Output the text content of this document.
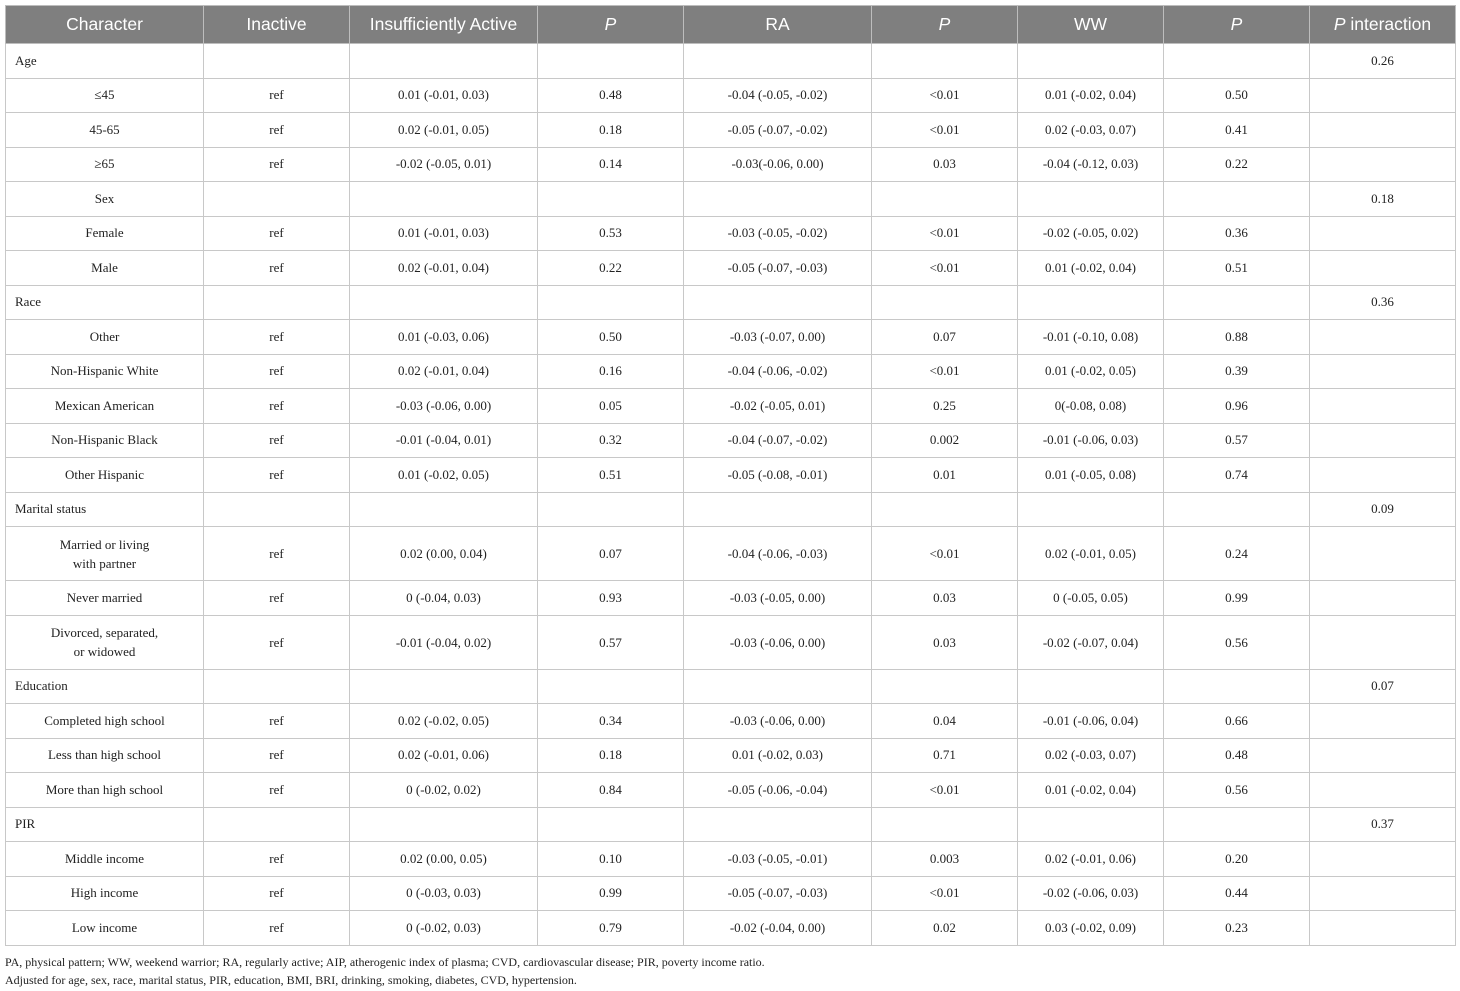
Character	Inactive	Insufficiently Active	P	RA	P	WW	P	P interaction
Age								0.26
≤45	ref	0.01 (-0.01, 0.03)	0.48	-0.04 (-0.05, -0.02)	<0.01	0.01 (-0.02, 0.04)	0.50	
45-65	ref	0.02 (-0.01, 0.05)	0.18	-0.05 (-0.07, -0.02)	<0.01	0.02 (-0.03, 0.07)	0.41	
≥65	ref	-0.02 (-0.05, 0.01)	0.14	-0.03(-0.06, 0.00)	0.03	-0.04 (-0.12, 0.03)	0.22	
Sex								0.18
Female	ref	0.01 (-0.01, 0.03)	0.53	-0.03 (-0.05, -0.02)	<0.01	-0.02 (-0.05, 0.02)	0.36	
Male	ref	0.02 (-0.01, 0.04)	0.22	-0.05 (-0.07, -0.03)	<0.01	0.01 (-0.02, 0.04)	0.51	
Race								0.36
Other	ref	0.01 (-0.03, 0.06)	0.50	-0.03 (-0.07, 0.00)	0.07	-0.01 (-0.10, 0.08)	0.88	
Non-Hispanic White	ref	0.02 (-0.01, 0.04)	0.16	-0.04 (-0.06, -0.02)	<0.01	0.01 (-0.02, 0.05)	0.39	
Mexican American	ref	-0.03 (-0.06, 0.00)	0.05	-0.02 (-0.05, 0.01)	0.25	0(-0.08, 0.08)	0.96	
Non-Hispanic Black	ref	-0.01 (-0.04, 0.01)	0.32	-0.04 (-0.07, -0.02)	0.002	-0.01 (-0.06, 0.03)	0.57	
Other Hispanic	ref	0.01 (-0.02, 0.05)	0.51	-0.05 (-0.08, -0.01)	0.01	0.01 (-0.05, 0.08)	0.74	
Marital status								0.09

Married or living
with partner	ref	0.02 (0.00, 0.04)	0.07	-0.04 (-0.06, -0.03)	<0.01	0.02 (-0.01, 0.05)	0.24	
Never married	ref	0 (-0.04, 0.03)	0.93	-0.03 (-0.05, 0.00)	0.03	0 (-0.05, 0.05)	0.99	

Divorced, separated,
or widowed	ref	-0.01 (-0.04, 0.02)	0.57	-0.03 (-0.06, 0.00)	0.03	-0.02 (-0.07, 0.04)	0.56	
Education								0.07
Completed high school	ref	0.02 (-0.02, 0.05)	0.34	-0.03 (-0.06, 0.00)	0.04	-0.01 (-0.06, 0.04)	0.66	
Less than high school	ref	0.02 (-0.01, 0.06)	0.18	0.01 (-0.02, 0.03)	0.71	0.02 (-0.03, 0.07)	0.48	
More than high school	ref	0 (-0.02, 0.02)	0.84	-0.05 (-0.06, -0.04)	<0.01	0.01 (-0.02, 0.04)	0.56	
PIR								0.37
Middle income	ref	0.02 (0.00, 0.05)	0.10	-0.03 (-0.05, -0.01)	0.003	0.02 (-0.01, 0.06)	0.20	
High income	ref	0 (-0.03, 0.03)	0.99	-0.05 (-0.07, -0.03)	<0.01	-0.02 (-0.06, 0.03)	0.44	
Low income	ref	0 (-0.02, 0.03)	0.79	-0.02 (-0.04, 0.00)	0.02	0.03 (-0.02, 0.09)	0.23	
PA, physical pattern; WW, weekend warrior; RA, regularly active; AIP, atherogenic index of plasma; CVD, cardiovascular disease; PIR, poverty income ratio.
Adjusted for age, sex, race, marital status, PIR, education, BMI, BRI, drinking, smoking, diabetes, CVD, hypertension.
